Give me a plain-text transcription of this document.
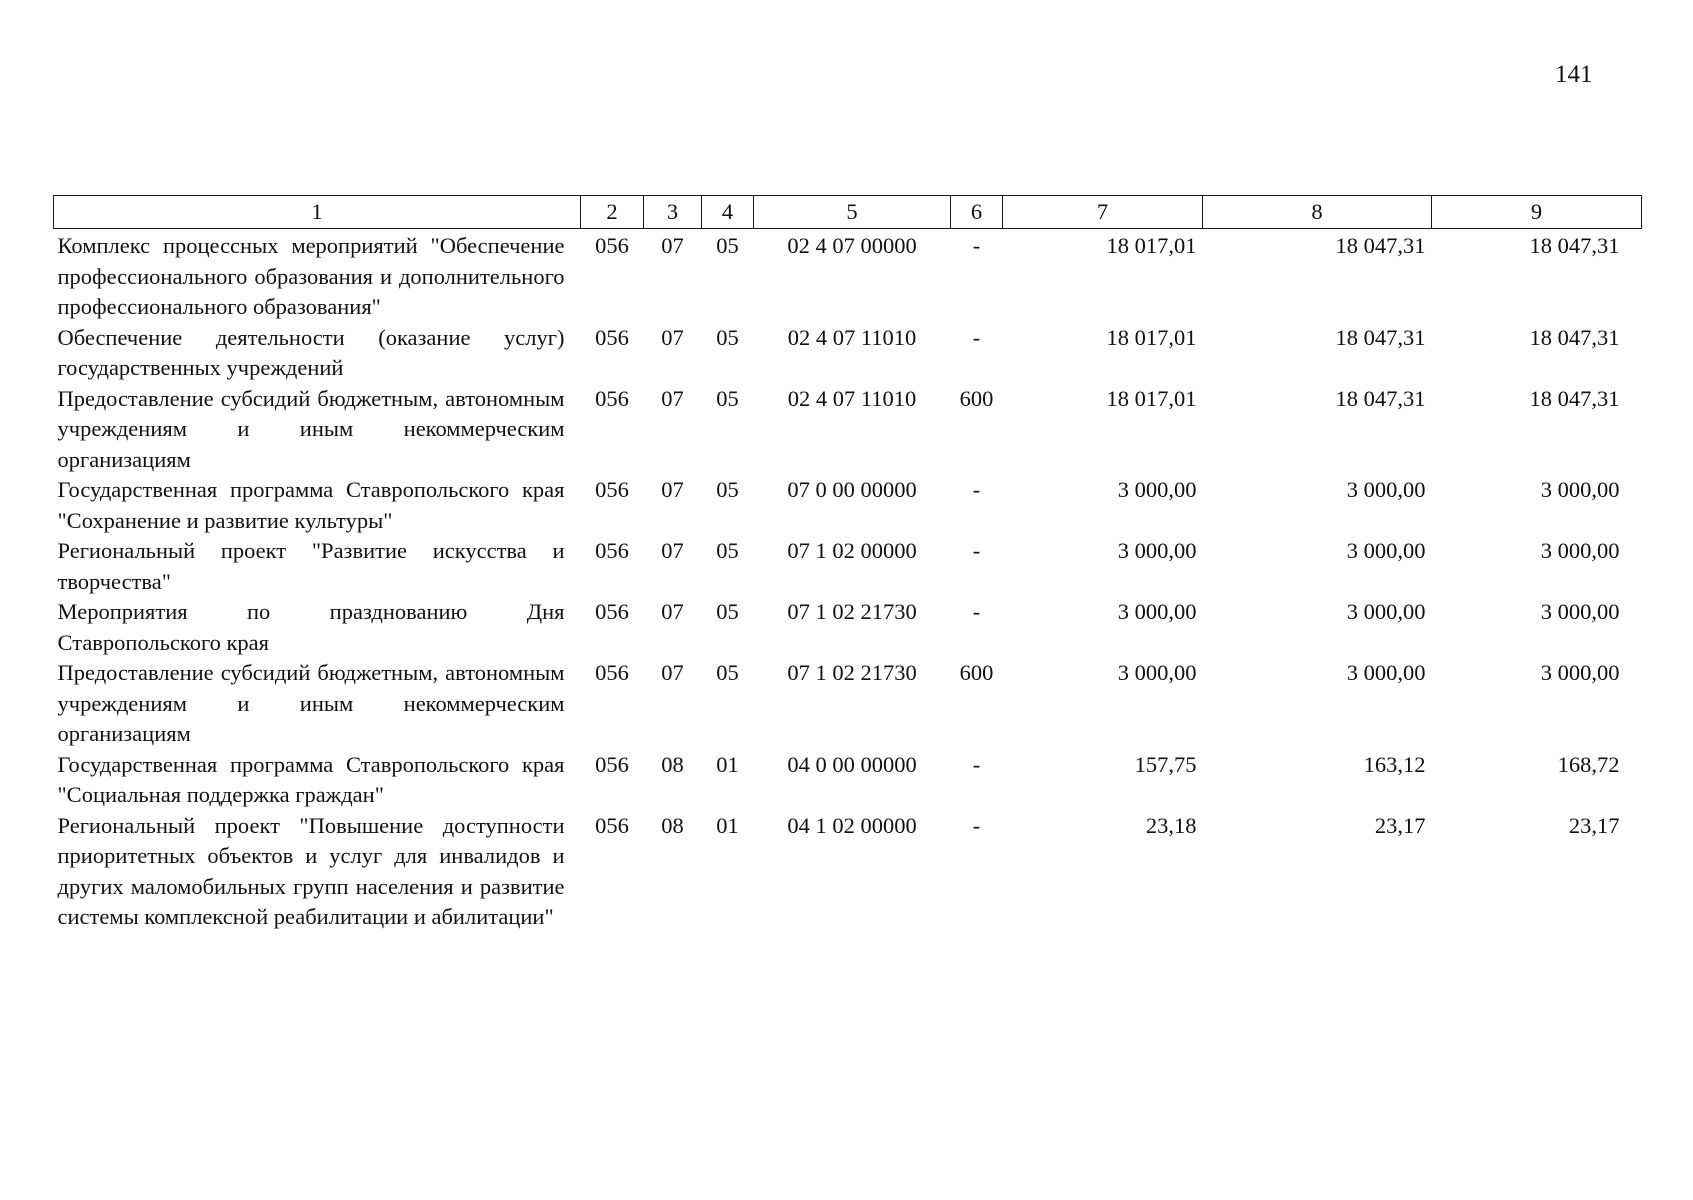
141
1	2	3	4	5	6	7	8	9
Комплекс процессных мероприятий "Обеспечение профессионального образования и дополнительного профессионального образования"	056	07	05	02 4 07 00000	-	18 017,01	18 047,31	18 047,31
Обеспечение деятельности (оказание услуг) государственных учреждений	056	07	05	02 4 07 11010	-	18 017,01	18 047,31	18 047,31
Предоставление субсидий бюджетным, автономным учреждениям и иным некоммерческим организациям	056	07	05	02 4 07 11010	600	18 017,01	18 047,31	18 047,31
Государственная программа Ставропольского края "Сохранение и развитие культуры"	056	07	05	07 0 00 00000	-	3 000,00	3 000,00	3 000,00
Региональный проект "Развитие искусства и творчества"	056	07	05	07 1 02 00000	-	3 000,00	3 000,00	3 000,00
Мероприятия по празднованию Дня Ставропольского края	056	07	05	07 1 02 21730	-	3 000,00	3 000,00	3 000,00
Предоставление субсидий бюджетным, автономным учреждениям и иным некоммерческим организациям	056	07	05	07 1 02 21730	600	3 000,00	3 000,00	3 000,00
Государственная программа Ставропольского края "Социальная поддержка граждан"	056	08	01	04 0 00 00000	-	157,75	163,12	168,72
Региональный проект "Повышение доступности приоритетных объектов и услуг для инвалидов и других маломобильных групп населения и развитие системы комплексной реабилитации и абилитации"	056	08	01	04 1 02 00000	-	23,18	23,17	23,17
